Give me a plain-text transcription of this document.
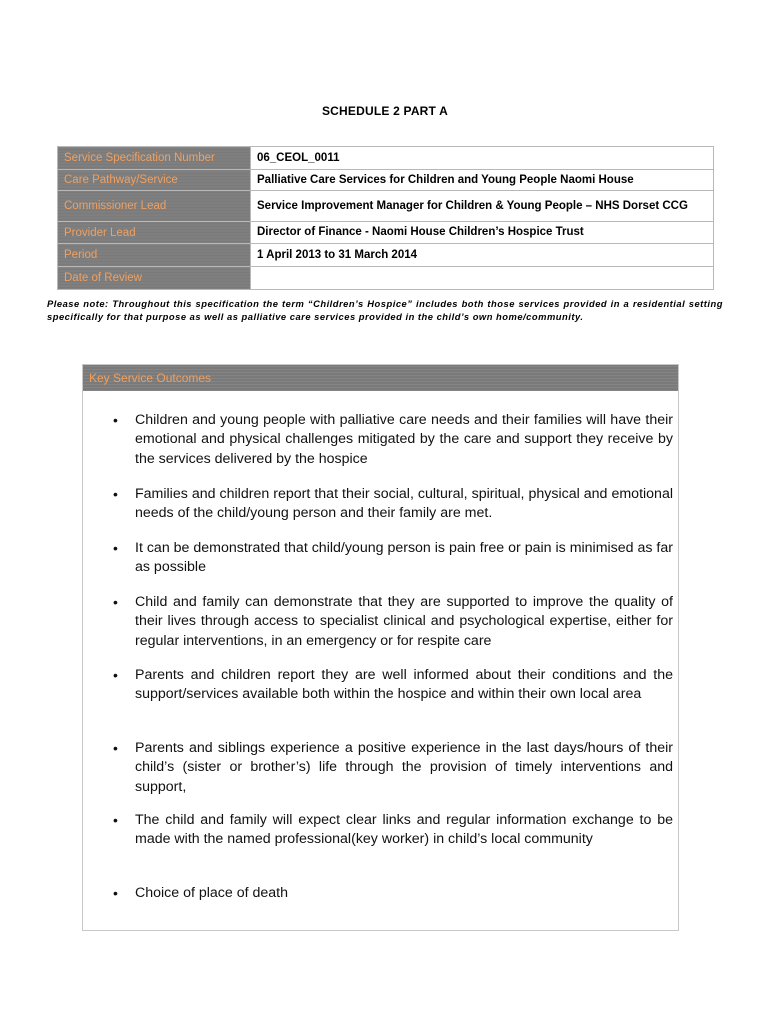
SCHEDULE 2 PART A
Service Specification Number	06_CEOL_0011
Care Pathway/Service	Palliative Care Services for Children and Young People Naomi House
Commissioner Lead	Service Improvement Manager for Children & Young People – NHS Dorset CCG
Provider Lead	Director of Finance - Naomi House Children’s Hospice Trust
Period	1 April 2013 to 31 March 2014
Date of Review	
Please note: Throughout this specification the term “Children’s Hospice” includes both those services provided in a residential setting specifically for that purpose as well as palliative care services provided in the child’s own home/community.
Key Service Outcomes
• Children and young people with palliative care needs and their families will have their emotional and physical challenges mitigated by the care and support they receive by the services delivered by the hospice
• Families and children report that their social, cultural, spiritual, physical and emotional needs of the child/young person and their family are met.
• It can be demonstrated that child/young person is pain free or pain is minimised as far as possible
• Child and family can demonstrate that they are supported to improve the quality of their lives through access to specialist clinical and psychological expertise, either for regular interventions, in an emergency or for respite care
• Parents and children report they are well informed about their conditions and the support/services available both within the hospice and within their own local area
• Parents and siblings experience a positive experience in the last days/hours of their child’s (sister or brother’s) life through the provision of timely interventions and support,
• The child and family will expect clear links and regular information exchange to be made with the named professional(key worker) in child’s local community
• Choice of place of death
